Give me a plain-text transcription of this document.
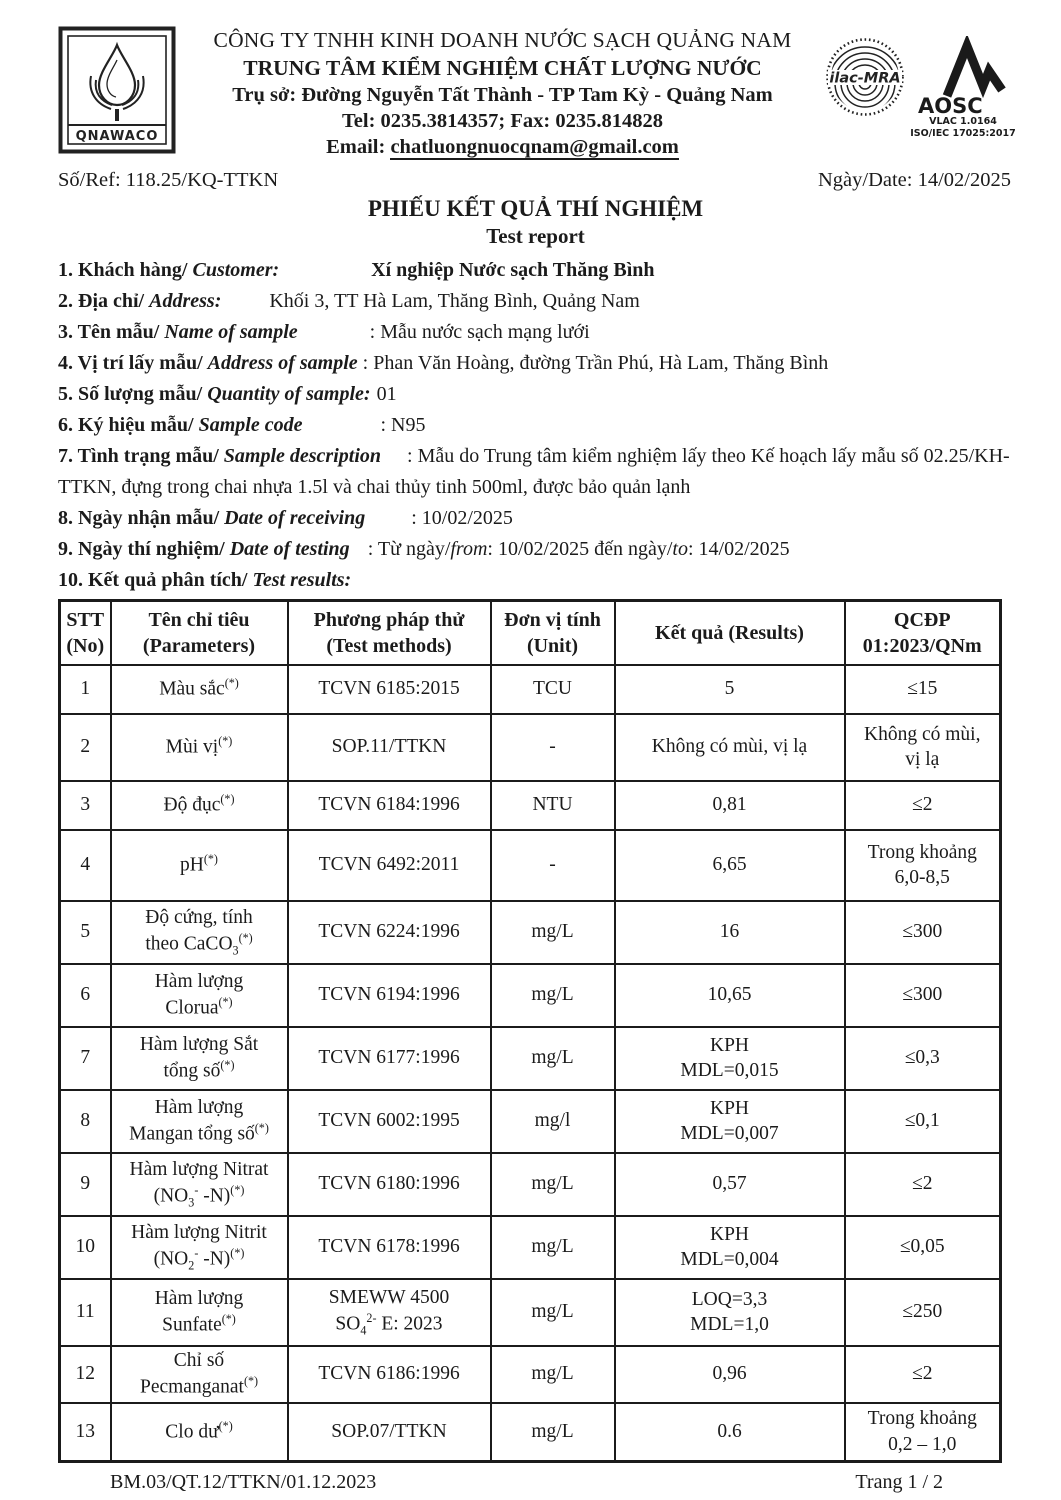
QNAWACO
CÔNG TY TNHH KINH DOANH NƯỚC SẠCH QUẢNG NAM
TRUNG TÂM KIỂM NGHIỆM CHẤT LƯỢNG NƯỚC
Trụ sở: Đường Nguyễn Tất Thành - TP Tam Kỳ - Quảng Nam
Tel: 0235.3814357; Fax: 0235.814828
Email: chatluongnuocqnam@gmail.com
ilac-MRA
AOSC
VLAC 1.0164
ISO/IEC 17025:2017
Số/Ref: 118.25/KQ-TTKN	Ngày/Date: 14/02/2025
PHIẾU KẾT QUẢ THÍ NGHIỆM
Test report

1. Khách hàng/ Customer:	Xí nghiệp Nước sạch Thăng Bình

2. Địa chỉ/ Address: Khối 3, TT Hà Lam, Thăng Bình, Quảng Nam

3. Tên mẫu/ Name of sample	: Mẫu nước sạch mạng lưới

4. Vị trí lấy mẫu/ Address of sample : Phan Văn Hoàng, đường Trần Phú, Hà Lam, Thăng Bình

5. Số lượng mẫu/ Quantity of sample: 01

6. Ký hiệu mẫu/ Sample code	: N95

7. Tình trạng mẫu/ Sample description : Mẫu do Trung tâm kiểm nghiệm lấy theo Kế hoạch lấy mẫu số 02.25/KH-TTKN, đựng trong chai nhựa 1.5l và chai thủy tinh 500ml, được bảo quản lạnh

8. Ngày nhận mẫu/ Date of receiving : 10/02/2025

9. Ngày thí nghiệm/ Date of testing : Từ ngày/from: 10/02/2025 đến ngày/to: 14/02/2025

10. Kết quả phân tích/ Test results:

STT
(No)	Tên chỉ tiêu
(Parameters)	Phương pháp thử
(Test methods)	Đơn vị tính
(Unit)	Kết quả (Results)	QCĐP
01:2023/QNm
1	Màu sắc(*)	TCVN 6185:2015	TCU	5	≤15
2	Mùi vị(*)	SOP.11/TTKN	-	Không có mùi, vị lạ	Không có mùi,
vị lạ
3	Độ đục(*)	TCVN 6184:1996	NTU	0,81	≤2
4	pH(*)	TCVN 6492:2011	-	6,65	Trong khoảng
6,0-8,5
5	Độ cứng, tính
theo CaCO$_3$(*)	TCVN 6224:1996	mg/L	16	≤300
6	Hàm lượng
Clorua(*)	TCVN 6194:1996	mg/L	10,65	≤300
7	Hàm lượng Sắt
tổng số(*)	TCVN 6177:1996	mg/L	KPH
MDL=0,015	≤0,3
8	Hàm lượng
Mangan tổng số(*)	TCVN 6002:1995	mg/l	KPH
MDL=0,007	≤0,1
9	Hàm lượng Nitrat
($NO_3^-$ -N)(*)	TCVN 6180:1996	mg/L	0,57	≤2
10	Hàm lượng Nitrit
($NO_2^-$ -N)(*)	TCVN 6178:1996	mg/L	KPH
MDL=0,004	≤0,05
11	Hàm lượng
Sunfate(*)	SMEWW 4500
$SO_4^{2-}$ E: 2023	mg/L	LOQ=3,3
MDL=1,0	≤250
12	Chỉ số
Pecmanganat(*)	TCVN 6186:1996	mg/L	0,96	≤2
13	Clo dư(*)	SOP.07/TTKN	mg/L	0.6	Trong khoảng
0,2 – 1,0
BM.03/QT.12/TTKN/01.12.2023	Trang 1 / 2
